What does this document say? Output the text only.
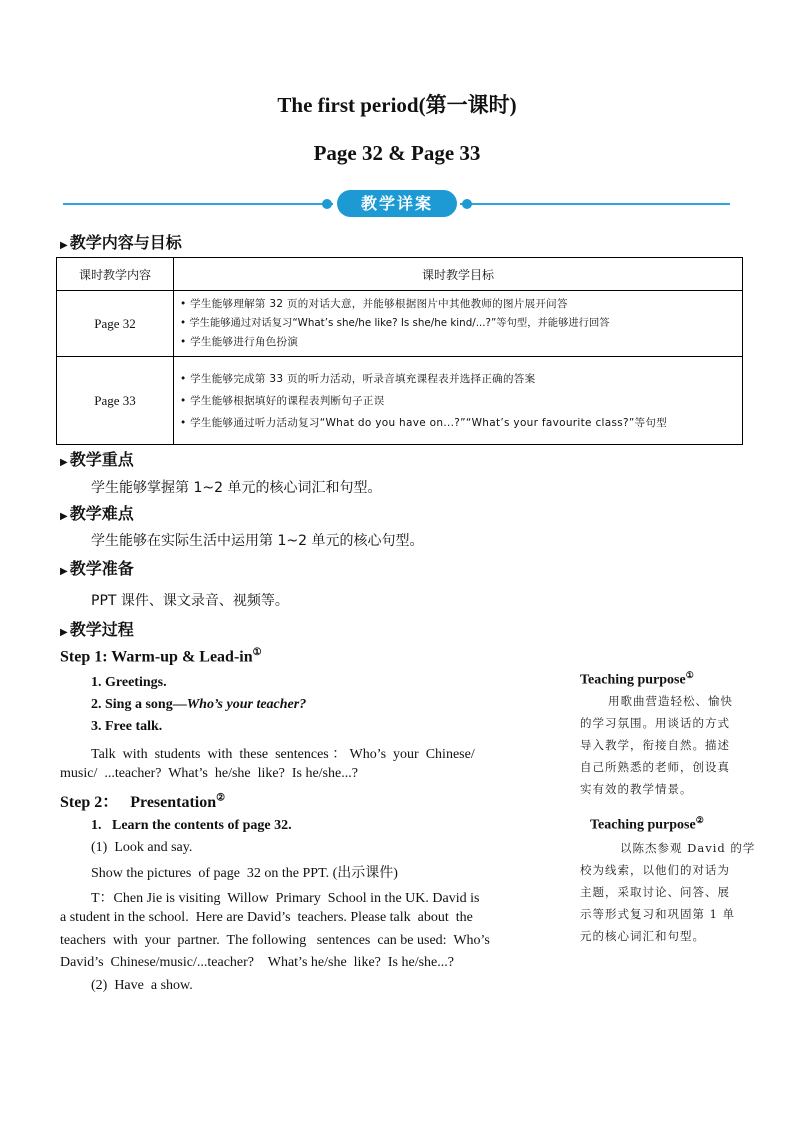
The first period(第一课时)
Page 32 & Page 33
教学详案
▶ 教学内容与目标
课时教学内容	课时教学目标
Page 32	• 学生能够理解第 32 页的对话大意，并能够根据图片中其他教师的图片展开问答
• 学生能够通过对话复习“What’s she/he like? Is she/he kind/...?”等句型，并能够进行回答
• 学生能够进行角色扮演

Page 33	• 学生能够完成第 33 页的听力活动，听录音填充课程表并选择正确的答案
• 学生能够根据填好的课程表判断句子正误
• 学生能够通过听力活动复习“What do you have on...?”“What’s your favourite class?”等句型
▶ 教学重点
学生能够掌握第 1~2 单元的核心词汇和句型。
▶ 教学难点
学生能够在实际生活中运用第 1~2 单元的核心句型。
▶ 教学准备
PPT 课件、课文录音、视频等。
▶ 教学过程
Step 1: Warm-up & Lead-in①
1. Greetings.
2. Sing a song—Who’s your teacher?
3. Free talk.
Talk  with  students  with  these  sentences ： Who’s  your  Chinese/
music/  ...teacher?  What’s  he/she  like?  Is he/she...?
Step 2：   Presentation②
1.   Learn the contents of page 32.
(1)  Look and say.
Show the pictures  of page  32 on the PPT. (出示课件)
T：Chen Jie is visiting  Willow  Primary  School in the UK. David is
a student in the school.  Here are David’s  teachers. Please talk  about  the
teachers  with  your  partner.  The following   sentences  can be used:  Who’s
David’s  Chinese/music/...teacher?    What’s he/she  like?  Is he/she...?
(2)  Have  a show.
Teaching purpose①
用歌曲营造轻松、愉快
的学习氛围。用谈话的方式
导入教学，衔接自然。描述
自己所熟悉的老师，创设真
实有效的教学情景。
Teaching purpose②
以陈杰参观 David 的学
校为线索，以他们的对话为
主题，采取讨论、问答、展
示等形式复习和巩固第 1 单
元的核心词汇和句型。
